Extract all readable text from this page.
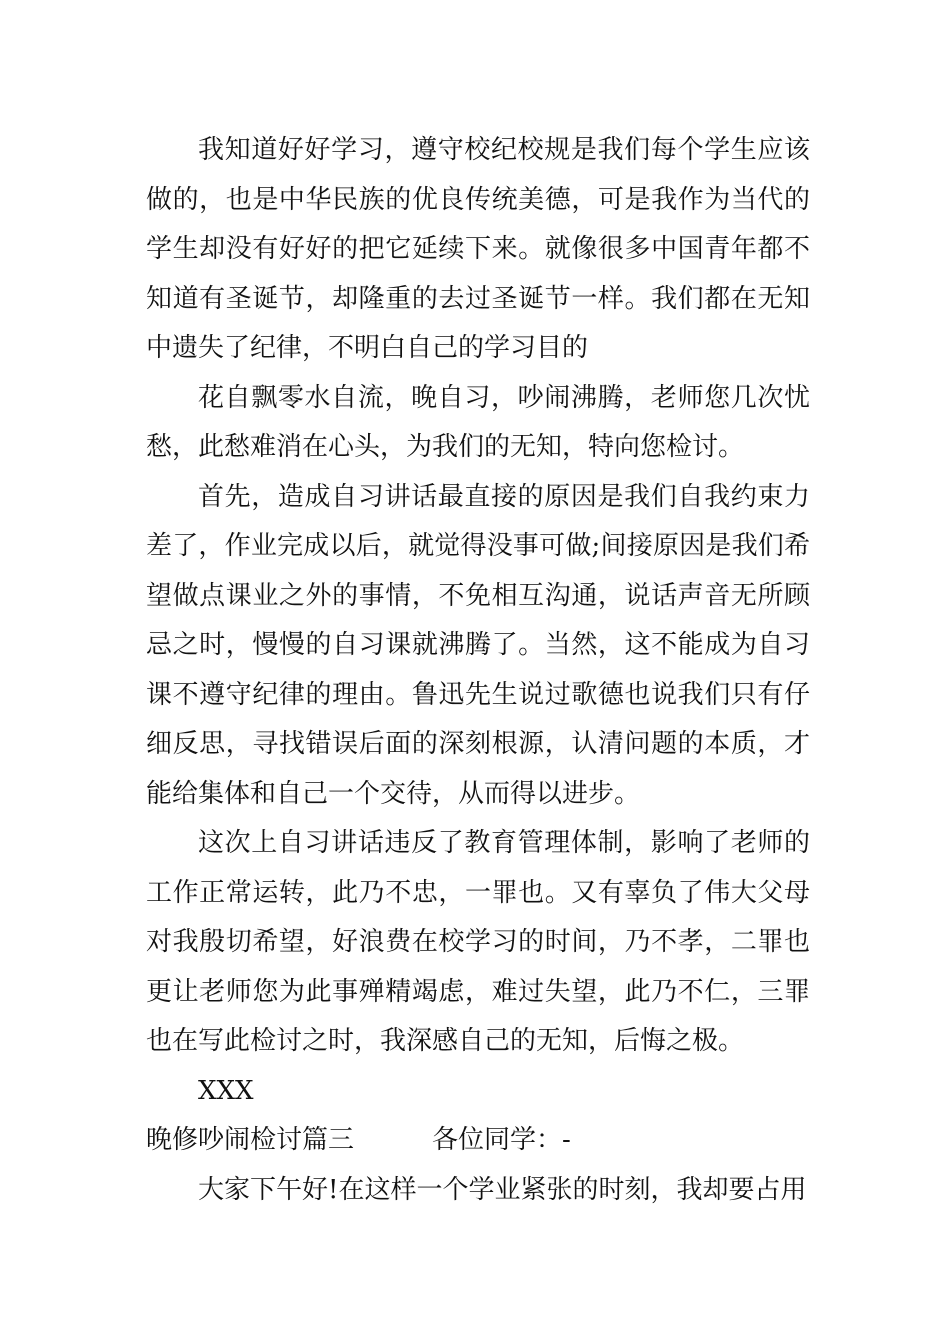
我知道好好学习，遵守校纪校规是我们每个学生应该做的，也是中华民族的优良传统美德，可是我作为当代的学生却没有好好的把它延续下来。就像很多中国青年都不知道有圣诞节，却隆重的去过圣诞节一样。我们都在无知中遗失了纪律，不明白自己的学习目的

花自飘零水自流，晚自习，吵闹沸腾，老师您几次忧愁，此愁难消在心头，为我们的无知，特向您检讨。

首先，造成自习讲话最直接的原因是我们自我约束力差了，作业完成以后，就觉得没事可做;间接原因是我们希望做点课业之外的事情，不免相互沟通，说话声音无所顾忌之时，慢慢的自习课就沸腾了。当然，这不能成为自习课不遵守纪律的理由。鲁迅先生说过歌德也说我们只有仔细反思，寻找错误后面的深刻根源，认清问题的本质，才能给集体和自己一个交待，从而得以进步。

这次上自习讲话违反了教育管理体制，影响了老师的工作正常运转，此乃不忠，一罪也。又有辜负了伟大父母对我殷切希望，好浪费在校学习的时间，乃不孝，二罪也更让老师您为此事殚精竭虑，难过失望，此乃不仁，三罪也在写此检讨之时，我深感自己的无知，后悔之极。

XXX

晚修吵闹检讨篇三	各位同学：-

大家下午好!在这样一个学业紧张的时刻，我却要占用
